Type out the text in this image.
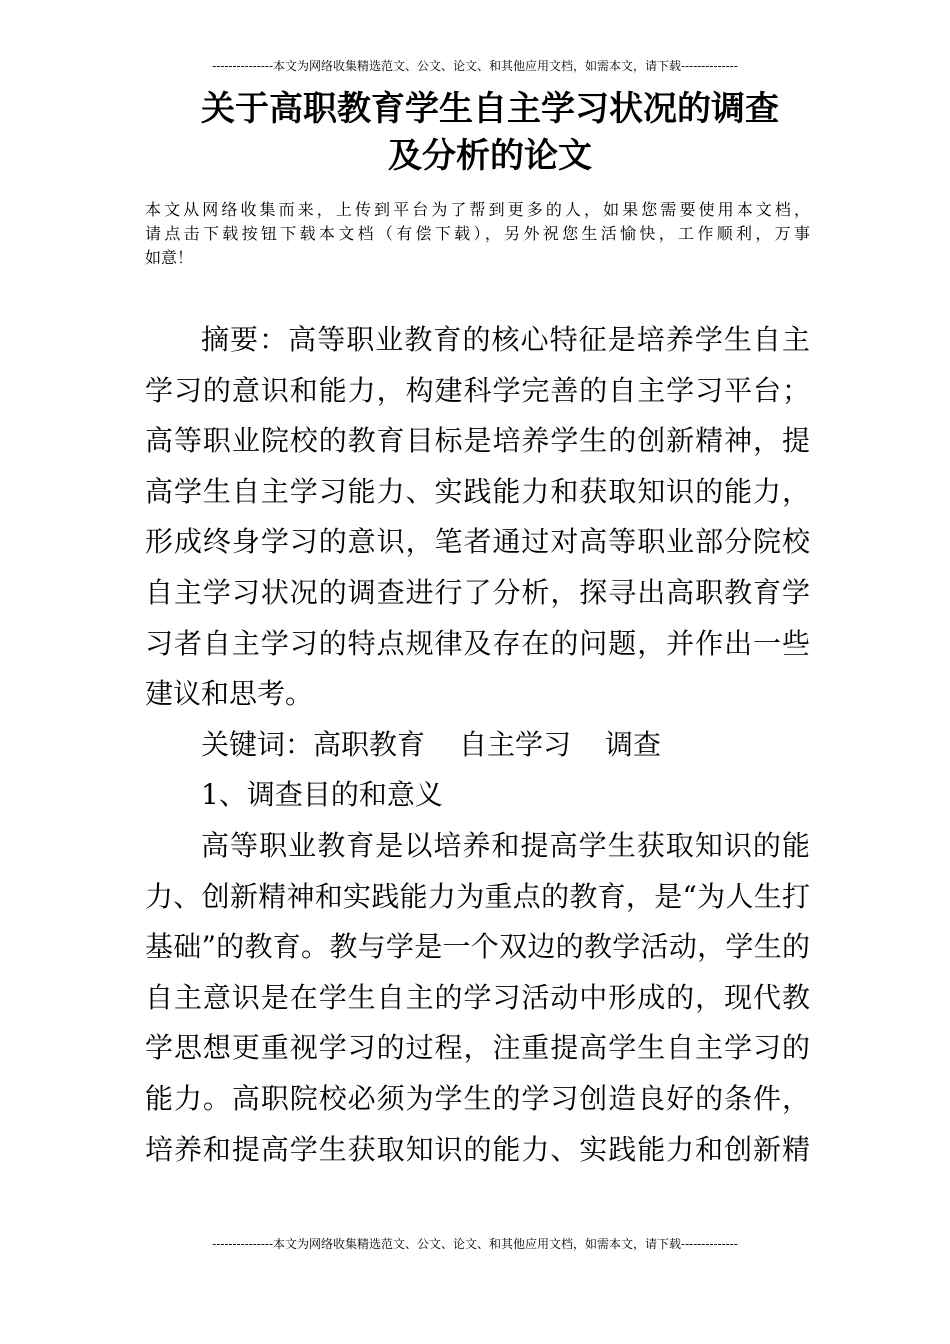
---------------本文为网络收集精选范文、公文、论文、和其他应用文档，如需本文，请下载--------------
关于高职教育学生自主学习状况的调查
及分析的论文
本文从网络收集而来，上传到平台为了帮到更多的人，如果您需要使用本文档，
请点击下载按钮下载本文档（有偿下载），另外祝您生活愉快，工作顺利，万事
如意！
摘要：高等职业教育的核心特征是培养学生自主
学习的意识和能力，构建科学完善的自主学习平台；
高等职业院校的教育目标是培养学生的创新精神，提
高学生自主学习能力、实践能力和获取知识的能力，
形成终身学习的意识，笔者通过对高等职业部分院校
自主学习状况的调查进行了分析，探寻出高职教育学
习者自主学习的特点规律及存在的问题，并作出一些
建议和思考。
关键词：高职教育 自主学习 调查
1、调查目的和意义
高等职业教育是以培养和提高学生获取知识的能
力、创新精神和实践能力为重点的教育，是“为人生打
基础”的教育。教与学是一个双边的教学活动，学生的
自主意识是在学生自主的学习活动中形成的，现代教
学思想更重视学习的过程，注重提高学生自主学习的
能力。高职院校必须为学生的学习创造良好的条件，
培养和提高学生获取知识的能力、实践能力和创新精
---------------本文为网络收集精选范文、公文、论文、和其他应用文档，如需本文，请下载--------------
